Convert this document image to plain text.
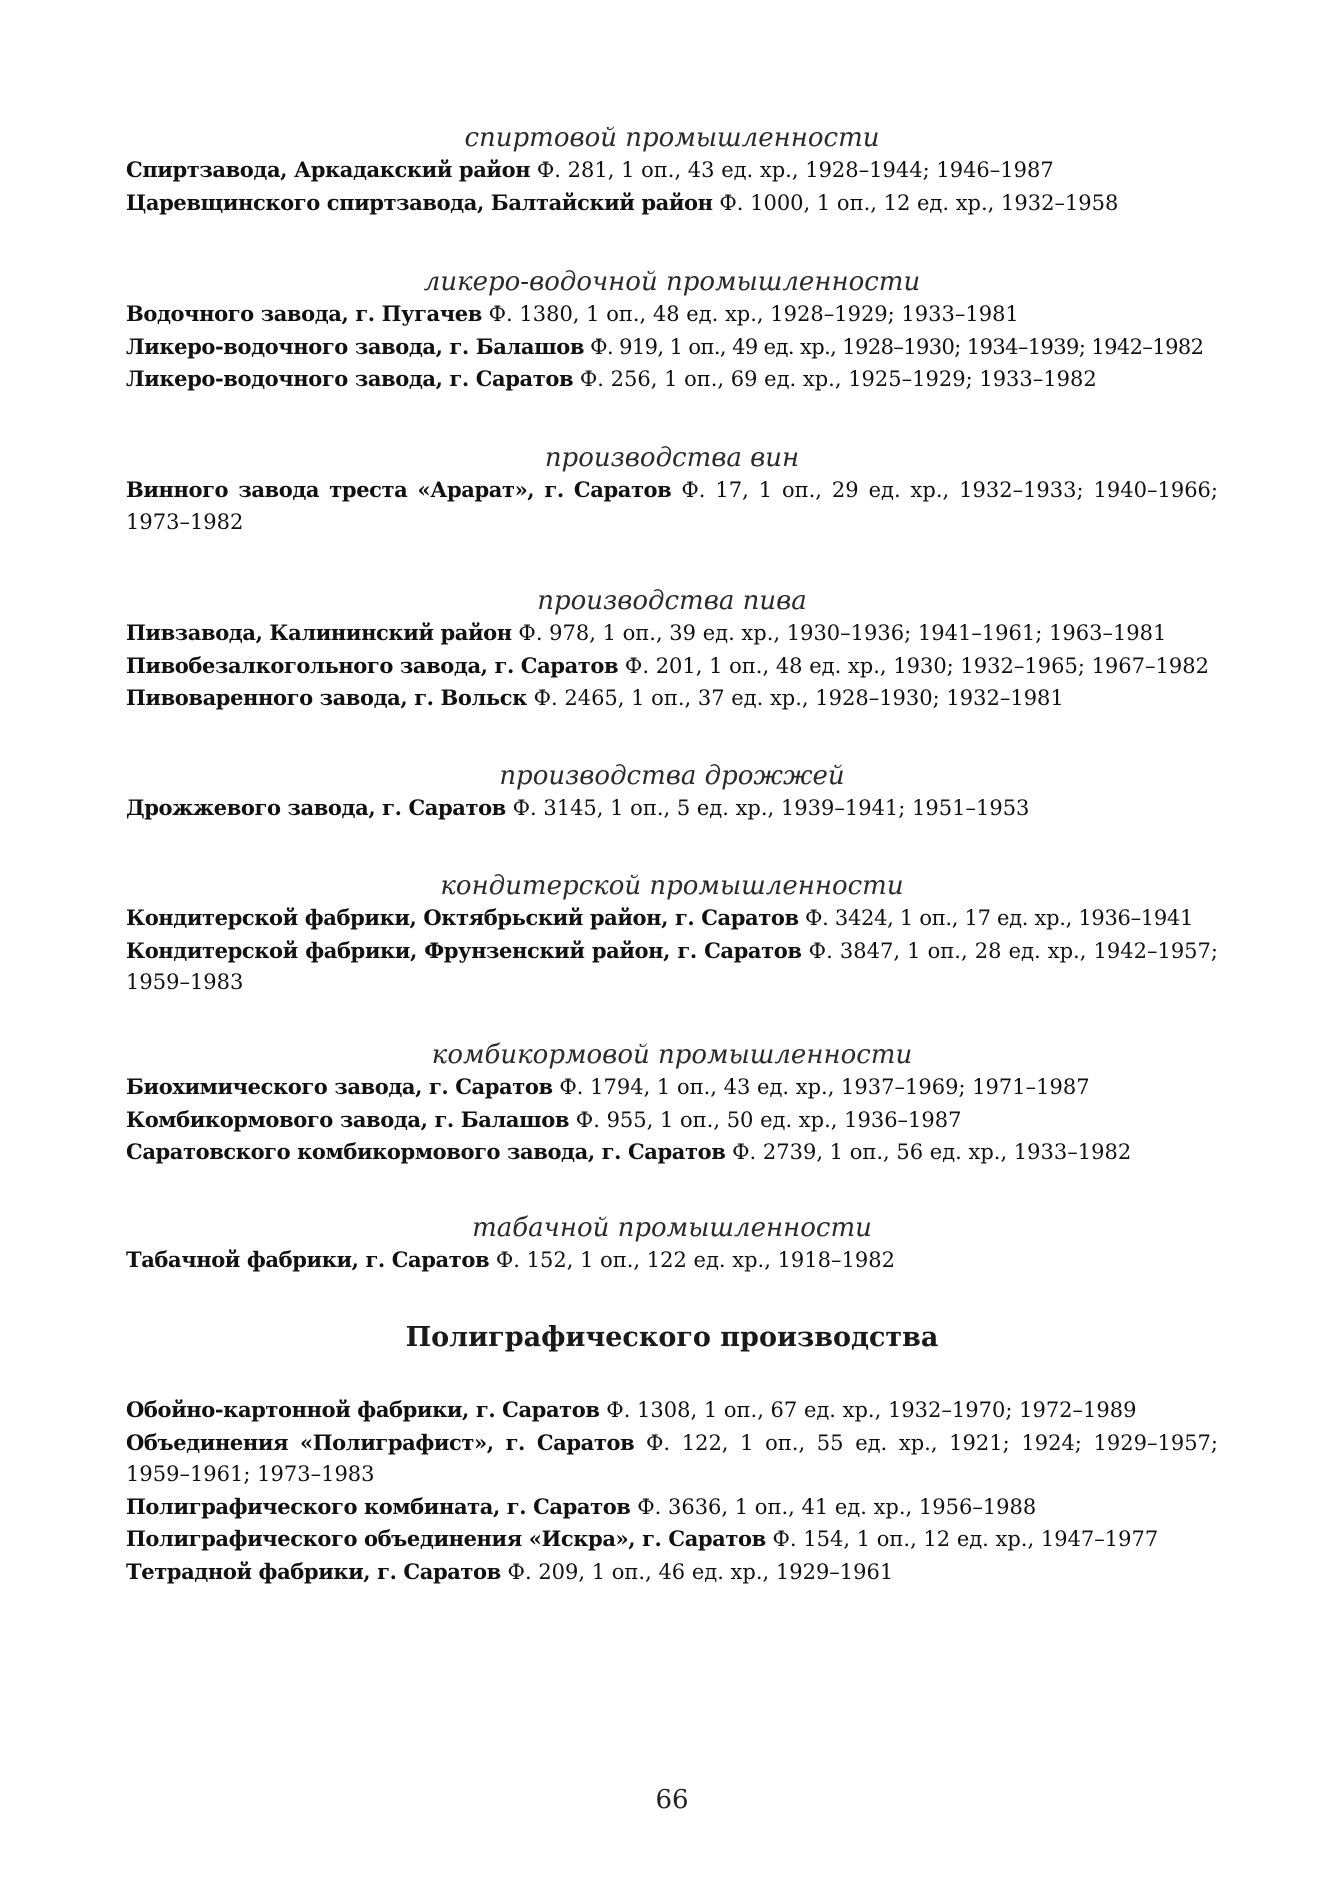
спиртовой промышленности

Спиртзавода, Аркадакский район Ф. 281, 1 оп., 43 ед. хр., 1928–1944; 1946–1987

Царевщинского спиртзавода, Балтайский район Ф. 1000, 1 оп., 12 ед. хр., 1932–1958

ликеро-водочной промышленности

Водочного завода, г. Пугачев Ф. 1380, 1 оп., 48 ед. хр., 1928–1929; 1933–1981

Ликеро-водочного завода, г. Балашов Ф. 919, 1 оп., 49 ед. хр., 1928–1930; 1934–1939; 1942–1982

Ликеро-водочного завода, г. Саратов Ф. 256, 1 оп., 69 ед. хр., 1925–1929; 1933–1982

производства вин

Винного завода треста «Арарат», г. Саратов Ф. 17, 1 оп., 29 ед. хр., 1932–1933; 1940–1966; 1973–1982

производства пива

Пивзавода, Калининский район Ф. 978, 1 оп., 39 ед. хр., 1930–1936; 1941–1961; 1963–1981

Пивобезалкогольного завода, г. Саратов Ф. 201, 1 оп., 48 ед. хр., 1930; 1932–1965; 1967–1982

Пивоваренного завода, г. Вольск Ф. 2465, 1 оп., 37 ед. хр., 1928–1930; 1932–1981

производства дрожжей

Дрожжевого завода, г. Саратов Ф. 3145, 1 оп., 5 ед. хр., 1939–1941; 1951–1953

кондитерской промышленности

Кондитерской фабрики, Октябрьский район, г. Саратов Ф. 3424, 1 оп., 17 ед. хр., 1936–1941

Кондитерской фабрики, Фрунзенский район, г. Саратов Ф. 3847, 1 оп., 28 ед. хр., 1942–1957; 1959–1983

комбикормовой промышленности

Биохимического завода, г. Саратов Ф. 1794, 1 оп., 43 ед. хр., 1937–1969; 1971–1987

Комбикормового завода, г. Балашов Ф. 955, 1 оп., 50 ед. хр., 1936–1987

Саратовского комбикормового завода, г. Саратов Ф. 2739, 1 оп., 56 ед. хр., 1933–1982

табачной промышленности

Табачной фабрики, г. Саратов Ф. 152, 1 оп., 122 ед. хр., 1918–1982

Полиграфического производства

Обойно-картонной фабрики, г. Саратов Ф. 1308, 1 оп., 67 ед. хр., 1932–1970; 1972–1989

Объединения «Полиграфист», г. Саратов Ф. 122, 1 оп., 55 ед. хр., 1921; 1924; 1929–1957; 1959–1961; 1973–1983

Полиграфического комбината, г. Саратов Ф. 3636, 1 оп., 41 ед. хр., 1956–1988

Полиграфического объединения «Искра», г. Саратов Ф. 154, 1 оп., 12 ед. хр., 1947–1977

Тетрадной фабрики, г. Саратов Ф. 209, 1 оп., 46 ед. хр., 1929–1961

66
